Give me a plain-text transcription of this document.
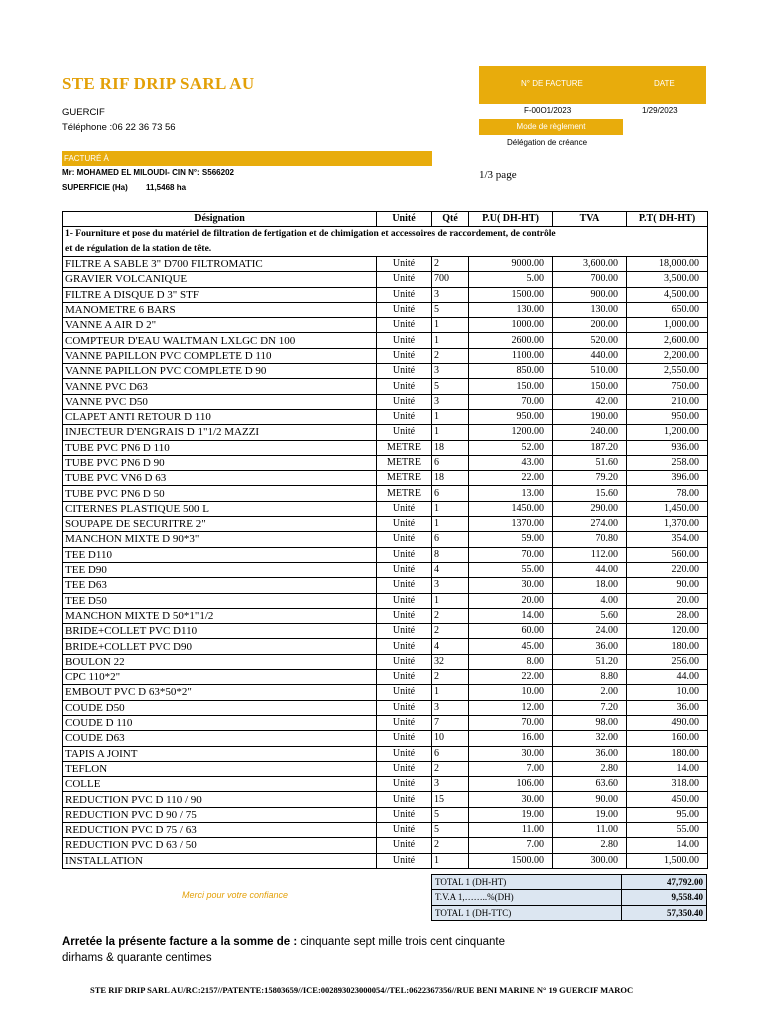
STE RIF DRIP SARL AU
GUERCIF
Téléphone :06 22 36 73 56
N° DE FACTURE	DATE
F-00O1/2023	1/29/2023
Mode de règlement
Délégation de créance
FACTURÉ À
Mr: MOHAMED EL MILOUDI- CIN N°: S566202
SUPERFICIE (Ha) 11,5468 ha
1/3 page
Désignation	Unité	Qté	P.U( DH-HT)	TVA	P.T( DH-HT)
1- Fourniture et pose du matériel de filtration de fertigation et de chimigation et accessoires de raccordement, de contrôle					
et de régulation de la station de tête.					
FILTRE A SABLE 3" D700 FILTROMATIC	Unité	2	9000.00	3,600.00	18,000.00
GRAVIER VOLCANIQUE	Unité	700	5.00	700.00	3,500.00
FILTRE A DISQUE D 3" STF	Unité	3	1500.00	900.00	4,500.00
MANOMETRE 6 BARS	Unité	5	130.00	130.00	650.00
VANNE A AIR D 2"	Unité	1	1000.00	200.00	1,000.00
COMPTEUR D'EAU WALTMAN LXLGC DN 100	Unité	1	2600.00	520.00	2,600.00
VANNE PAPILLON PVC COMPLETE D 110	Unité	2	1100.00	440.00	2,200.00
VANNE PAPILLON PVC COMPLETE D 90	Unité	3	850.00	510.00	2,550.00
VANNE PVC D63	Unité	5	150.00	150.00	750.00
VANNE PVC D50	Unité	3	70.00	42.00	210.00
CLAPET ANTI RETOUR D 110	Unité	1	950.00	190.00	950.00
INJECTEUR D'ENGRAIS D 1"1/2 MAZZI	Unité	1	1200.00	240.00	1,200.00
TUBE PVC PN6 D 110	METRE	18	52.00	187.20	936.00
TUBE PVC PN6 D 90	METRE	6	43.00	51.60	258.00
TUBE PVC VN6 D 63	METRE	18	22.00	79.20	396.00
TUBE PVC PN6 D 50	METRE	6	13.00	15.60	78.00
CITERNES PLASTIQUE 500 L	Unité	1	1450.00	290.00	1,450.00
SOUPAPE DE SECURITRE 2"	Unité	1	1370.00	274.00	1,370.00
MANCHON MIXTE D 90*3"	Unité	6	59.00	70.80	354.00
TEE D110	Unité	8	70.00	112.00	560.00
TEE D90	Unité	4	55.00	44.00	220.00
TEE D63	Unité	3	30.00	18.00	90.00
TEE D50	Unité	1	20.00	4.00	20.00
MANCHON MIXTE D 50*1"1/2	Unité	2	14.00	5.60	28.00
BRIDE+COLLET PVC D110	Unité	2	60.00	24.00	120.00
BRIDE+COLLET PVC D90	Unité	4	45.00	36.00	180.00
BOULON 22	Unité	32	8.00	51.20	256.00
CPC 110*2"	Unité	2	22.00	8.80	44.00
EMBOUT PVC D 63*50*2"	Unité	1	10.00	2.00	10.00
COUDE D50	Unité	3	12.00	7.20	36.00
COUDE D 110	Unité	7	70.00	98.00	490.00
COUDE D63	Unité	10	16.00	32.00	160.00
TAPIS A JOINT	Unité	6	30.00	36.00	180.00
TEFLON	Unité	2	7.00	2.80	14.00
COLLE	Unité	3	106.00	63.60	318.00
REDUCTION PVC D 110 / 90	Unité	15	30.00	90.00	450.00
REDUCTION PVC D 90 / 75	Unité	5	19.00	19.00	95.00
REDUCTION PVC D 75 / 63	Unité	5	11.00	11.00	55.00
REDUCTION PVC D 63 / 50	Unité	2	7.00	2.80	14.00
INSTALLATION	Unité	1	1500.00	300.00	1,500.00
TOTAL 1 (DH-HT)	47,792.00
T.V.A 1,……..%(DH)	9,558.40
TOTAL 1 (DH-TTC)	57,350.40
Merci pour votre confiance
Arretée la présente facture a la somme de : cinquante sept mille trois cent cinquante
dirhams & quarante centimes
STE RIF DRIP SARL AU/RC:2157//PATENTE:15803659//ICE:002893023000054//TEL:0622367356//RUE BENI MARINE N° 19 GUERCIF MAROC
